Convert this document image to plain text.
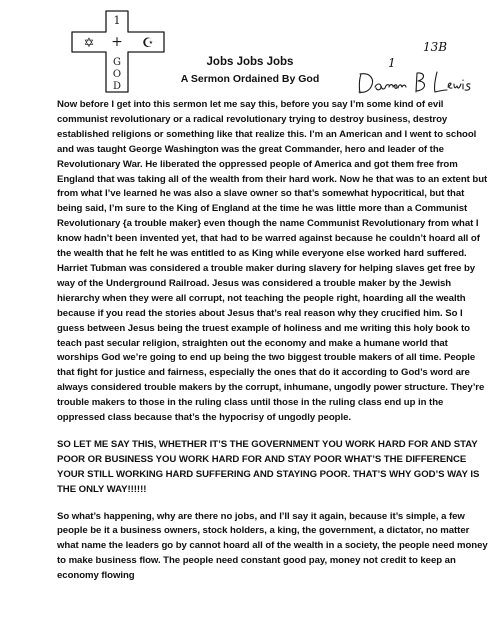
1
+
✡	☪
G
O
D
Jobs Jobs Jobs
A Sermon Ordained By God
13B
1

Now before I get into this sermon let me say this, before you say I’m some kind of evil communist revolutionary or a radical revolutionary trying to destroy business, destroy established religions or something like that realize this. I’m an American and I went to school and was taught George Washington was the great Commander, hero and leader of the Revolutionary War. He liberated the oppressed people of America and got them free from England that was taking all of the wealth from their hard work. Now he that was to an extent but from what I’ve learned he was also a slave owner so that’s somewhat hypocritical, but that being said, I’m sure to the King of England at the time he was little more than a Communist Revolutionary {a trouble maker} even though the name Communist Revolutionary from what I know hadn’t been invented yet, that had to be warred against because he couldn’t hoard all of the wealth that he felt he was entitled to as King while everyone else worked hard suffered. Harriet Tubman was considered a trouble maker during slavery for helping slaves get free by way of the Underground Railroad. Jesus was considered a trouble maker by the Jewish hierarchy when they were all corrupt, not teaching the people right, hoarding all the wealth because if you read the stories about Jesus that’s real reason why they crucified him. So I guess between Jesus being the truest example of holiness and me writing this holy book to teach past secular religion, straighten out the economy and make a humane world that worships God we’re going to end up being the two biggest trouble makers of all time. People that fight for justice and fairness, especially the ones that do it according to God’s word are always considered trouble makers by the corrupt, inhumane, ungodly power structure. They’re trouble makers to those in the ruling class until those in the ruling class end up in the oppressed class because that’s the hypocrisy of ungodly people.

SO LET ME SAY THIS, WHETHER IT’S THE GOVERNMENT YOU WORK HARD FOR AND STAY POOR OR BUSINESS YOU WORK HARD FOR AND STAY POOR WHAT’S THE DIFFERENCE YOUR STILL WORKING HARD SUFFERING AND STAYING POOR. THAT’S WHY GOD’S WAY IS THE ONLY WAY!!!!!!

So what’s happening, why are there no jobs, and I’ll say it again, because it’s simple, a few people be it a business owners, stock holders, a king, the government, a dictator, no matter what name the leaders go by cannot hoard all of the wealth in a society, the people need money to make business flow. The people need constant good pay, money not credit to keep an economy flowing
